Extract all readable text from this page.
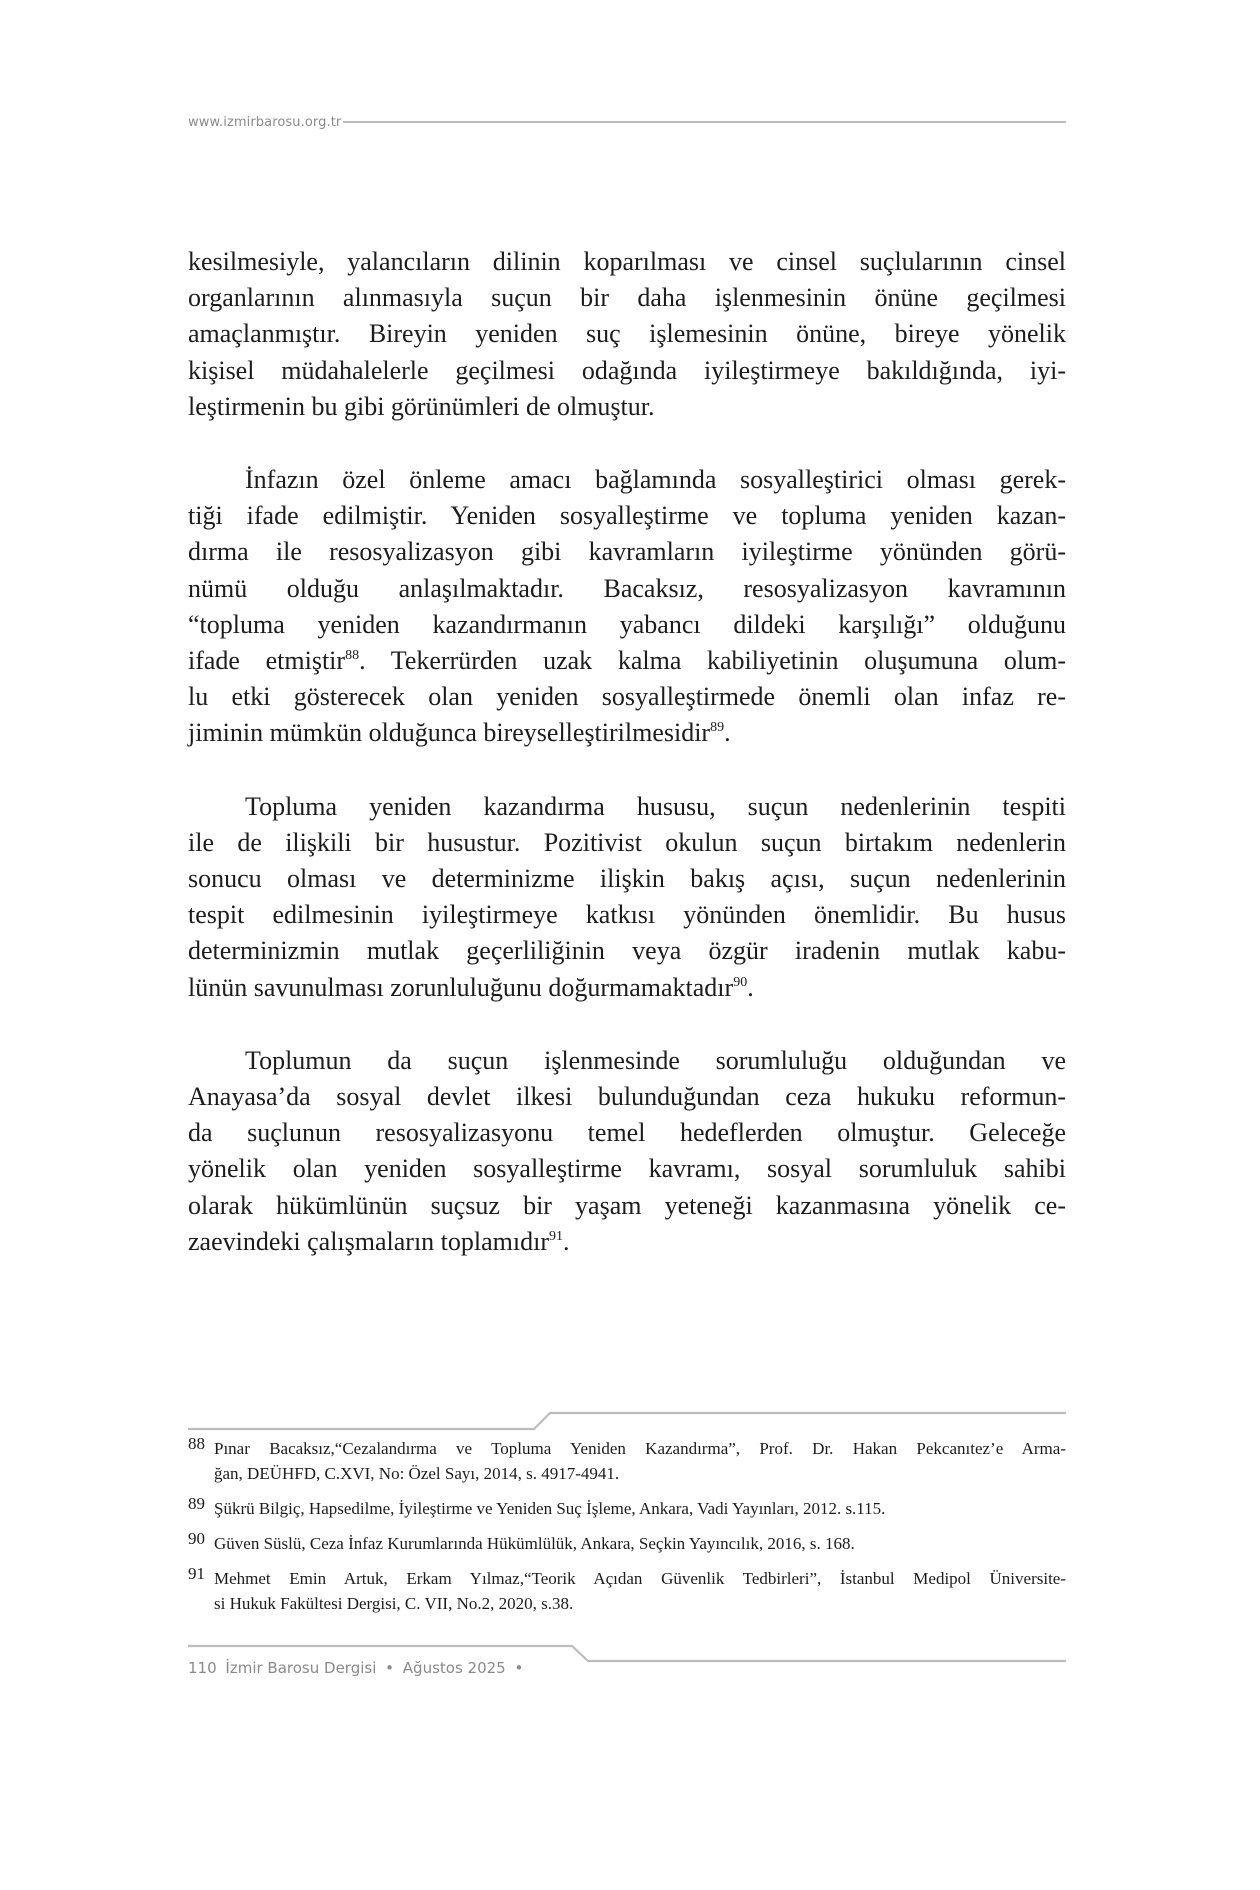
www.izmirbarosu.org.tr

kesilmesiyle, yalancıların dilinin koparılması ve cinsel suçlularının cinsel
organlarının alınmasıyla suçun bir daha işlenmesinin önüne geçilmesi
amaçlanmıştır. Bireyin yeniden suç işlemesinin önüne, bireye yönelik
kişisel müdahalelerle geçilmesi odağında iyileştirmeye bakıldığında, iyi-
leştirmenin bu gibi görünümleri de olmuştur.

İnfazın özel önleme amacı bağlamında sosyalleştirici olması gerek-
tiği ifade edilmiştir. Yeniden sosyalleştirme ve topluma yeniden kazan-
dırma ile resosyalizasyon gibi kavramların iyileştirme yönünden görü-
nümü olduğu anlaşılmaktadır. Bacaksız, resosyalizasyon kavramının
“topluma yeniden kazandırmanın yabancı dildeki karşılığı” olduğunu
ifade etmiştir$^{88}$. Tekerrürden uzak kalma kabiliyetinin oluşumuna olum-
lu etki gösterecek olan yeniden sosyalleştirmede önemli olan infaz re-
jiminin mümkün olduğunca bireyselleştirilmesidir$^{89}$.

Topluma yeniden kazandırma hususu, suçun nedenlerinin tespiti
ile de ilişkili bir husustur. Pozitivist okulun suçun birtakım nedenlerin
sonucu olması ve determinizme ilişkin bakış açısı, suçun nedenlerinin
tespit edilmesinin iyileştirmeye katkısı yönünden önemlidir. Bu husus
determinizmin mutlak geçerliliğinin veya özgür iradenin mutlak kabu-
lünün savunulması zorunluluğunu doğurmamaktadır$^{90}$.

Toplumun da suçun işlenmesinde sorumluluğu olduğundan ve
Anayasa’da sosyal devlet ilkesi bulunduğundan ceza hukuku reformun-
da suçlunun resosyalizasyonu temel hedeflerden olmuştur. Geleceğe
yönelik olan yeniden sosyalleştirme kavramı, sosyal sorumluluk sahibi
olarak hükümlünün suçsuz bir yaşam yeteneği kazanmasına yönelik ce-
zaevindeki çalışmaların toplamıdır$^{91}$.

88 Pınar Bacaksız,“Cezalandırma ve Topluma Yeniden Kazandırma”, Prof. Dr. Hakan Pekcanıtez’e Arma-
ğan, DEÜHFD, C.XVI, No: Özel Sayı, 2014, s. 4917-4941.
89 Şükrü Bilgiç, Hapsedilme, İyileştirme ve Yeniden Suç İşleme, Ankara, Vadi Yayınları, 2012. s.115.
90 Güven Süslü, Ceza İnfaz Kurumlarında Hükümlülük, Ankara, Seçkin Yayıncılık, 2016, s. 168.
91 Mehmet Emin Artuk, Erkam Yılmaz,“Teorik Açıdan Güvenlik Tedbirleri”, İstanbul Medipol Üniversite-
si Hukuk Fakültesi Dergisi, C. VII, No.2, 2020, s.38.
110 İzmir Barosu Dergisi • Ağustos 2025 •
